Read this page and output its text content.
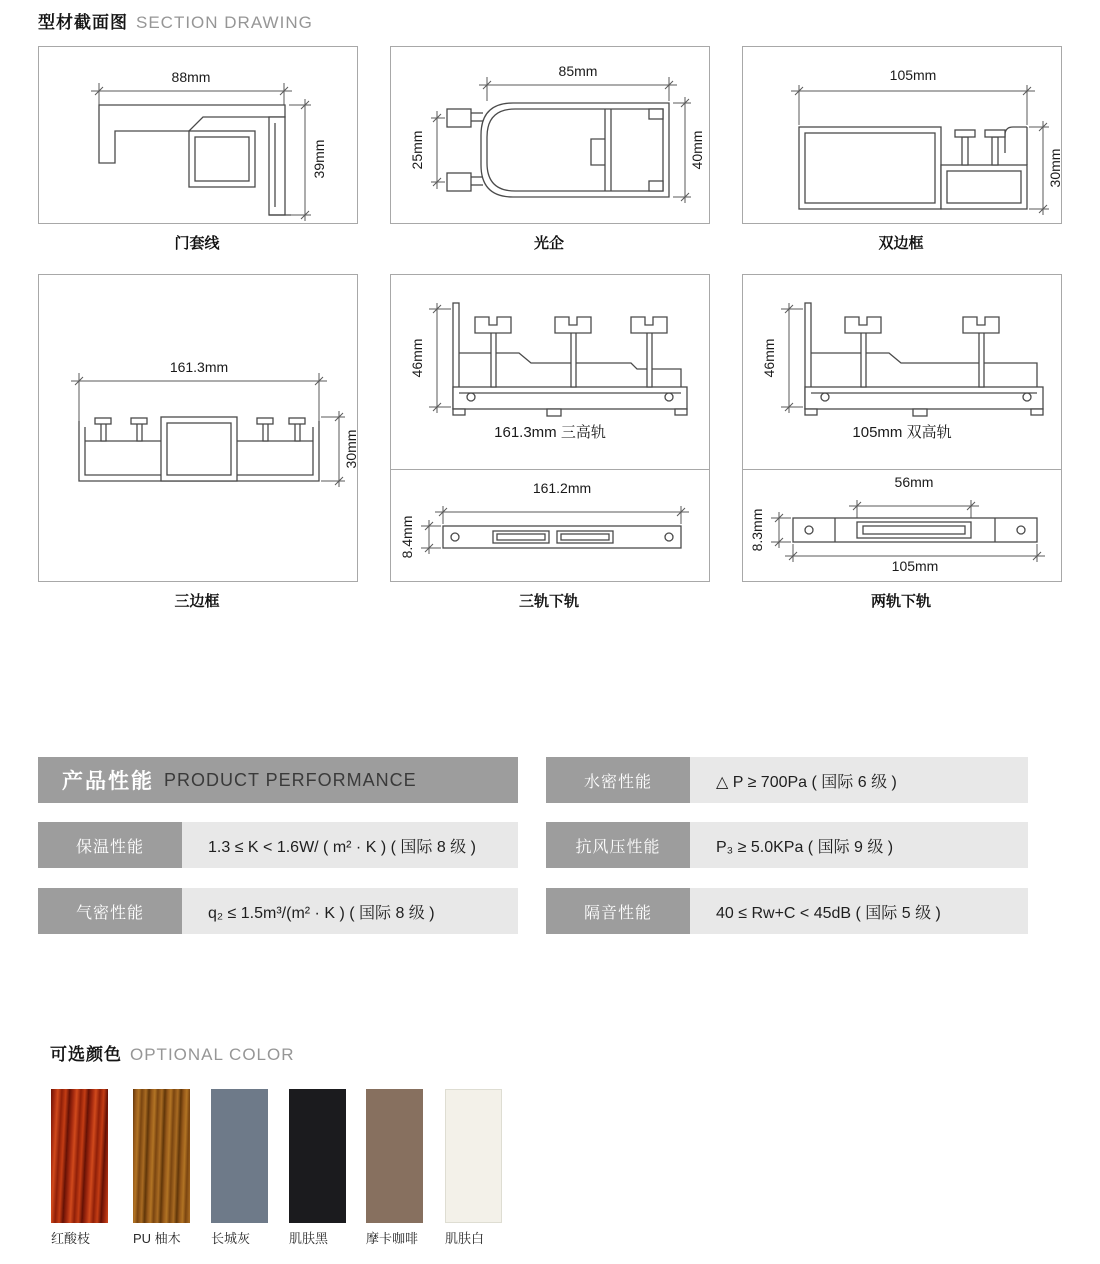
型材截面图 SECTION DRAWING
88mm
39mm
门套线
85mm
25mm	40mm
光企
105mm
30mm
双边框
161.3mm
30mm
三边框
46mm
161.3mm 三高轨
161.2mm
8.4mm
三轨下轨
46mm
105mm 双高轨
56mm
105mm
8.3mm
两轨下轨
产品性能 PRODUCT PERFORMANCE
保温性能	1.3 ≤ K < 1.6W/ ( m² · K ) ( 国际 8 级 )
气密性能	q₂ ≤ 1.5m³/(m² · K ) ( 国际 8 级 )
水密性能	△ P ≥ 700Pa ( 国际 6 级 )
抗风压性能	P₃ ≥ 5.0KPa ( 国际 9 级 )
隔音性能	40 ≤ Rw+C < 45dB ( 国际 5 级 )
可选颜色 OPTIONAL COLOR
红酸枝	PU 柚木 长城灰	肌肤黑	摩卡咖啡 肌肤白
